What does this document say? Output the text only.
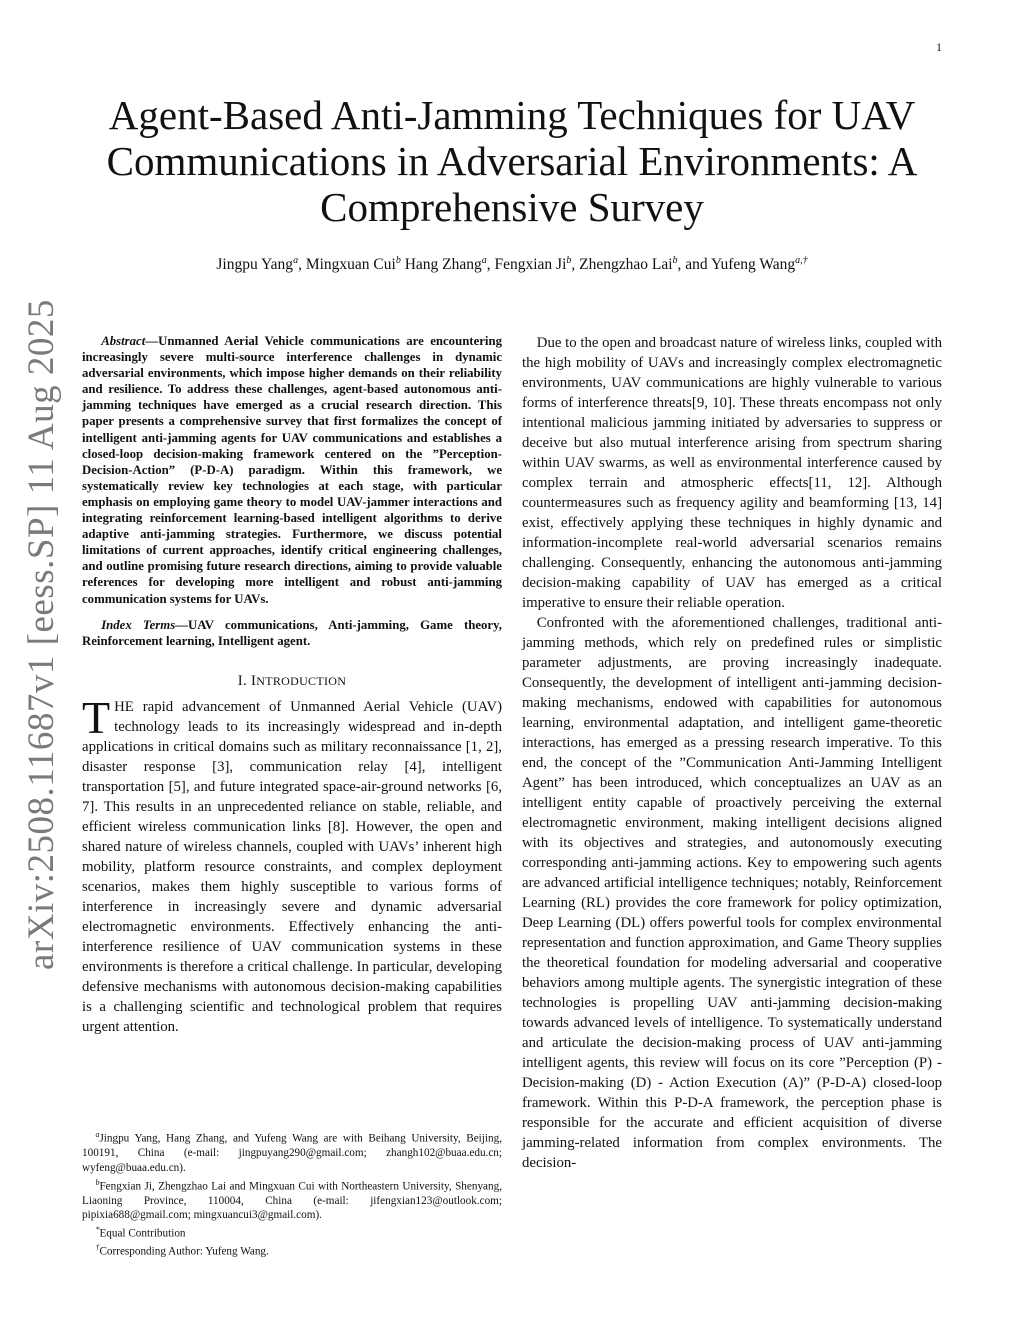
1
arXiv:2508.11687v1 [eess.SP] 11 Aug 2025
Agent-Based Anti-Jamming Techniques for UAV Communications in Adversarial Environments: A Comprehensive Survey
Jingpu Yang$^a$, Mingxuan Cui$^b$ Hang Zhang$^a$, Fengxian Ji$^b$, Zhengzhao Lai$^b$, and Yufeng Wang$^{a,\dagger}$

Abstract—Unmanned Aerial Vehicle communications are encountering increasingly severe multi-source interference challenges in dynamic adversarial environments, which impose higher demands on their reliability and resilience. To address these challenges, agent-based autonomous anti-jamming techniques have emerged as a crucial research direction. This paper presents a comprehensive survey that first formalizes the concept of intelligent anti-jamming agents for UAV communications and establishes a closed-loop decision-making framework centered on the ”Perception-Decision-Action” (P-D-A) paradigm. Within this framework, we systematically review key technologies at each stage, with particular emphasis on employing game theory to model UAV-jammer interactions and integrating reinforcement learning-based intelligent algorithms to derive adaptive anti-jamming strategies. Furthermore, we discuss potential limitations of current approaches, identify critical engineering challenges, and outline promising future research directions, aiming to provide valuable references for developing more intelligent and robust anti-jamming communication systems for UAVs.

Index Terms—UAV communications, Anti-jamming, Game theory, Reinforcement learning, Intelligent agent.

I. INTRODUCTION

THE rapid advancement of Unmanned Aerial Vehicle (UAV) technology leads to its increasingly widespread and in-depth applications in critical domains such as military reconnaissance [1, 2], disaster response [3], communication relay [4], intelligent transportation [5], and future integrated space-air-ground networks [6, 7]. This results in an unprecedented reliance on stable, reliable, and efficient wireless communication links [8]. However, the open and shared nature of wireless channels, coupled with UAVs’ inherent high mobility, platform resource constraints, and complex deployment scenarios, makes them highly susceptible to various forms of interference in increasingly severe and dynamic adversarial electromagnetic environments. Effectively enhancing the anti-interference resilience of UAV communication systems in these environments is therefore a critical challenge. In particular, developing defensive mechanisms with autonomous decision-making capabilities is a challenging scientific and technological problem that requires urgent attention.

$^a$Jingpu Yang, Hang Zhang, and Yufeng Wang are with Beihang University, Beijing, 100191, China (e-mail: jingpuyang290@gmail.com; zhangh102@buaa.edu.cn; wyfeng@buaa.edu.cn).

$^b$Fengxian Ji, Zhengzhao Lai and Mingxuan Cui with Northeastern University, Shenyang, Liaoning Province, 110004, China (e-mail: jifengxian123@outlook.com; pipixia688@gmail.com; mingxuancui3@gmail.com).

*Equal Contribution

†Corresponding Author: Yufeng Wang.

Due to the open and broadcast nature of wireless links, coupled with the high mobility of UAVs and increasingly complex electromagnetic environments, UAV communications are highly vulnerable to various forms of interference threats[9, 10]. These threats encompass not only intentional malicious jamming initiated by adversaries to suppress or deceive but also mutual interference arising from spectrum sharing within UAV swarms, as well as environmental interference caused by complex terrain and atmospheric effects[11, 12]. Although countermeasures such as frequency agility and beamforming [13, 14] exist, effectively applying these techniques in highly dynamic and information-incomplete real-world adversarial scenarios remains challenging. Consequently, enhancing the autonomous anti-jamming decision-making capability of UAV has emerged as a critical imperative to ensure their reliable operation.

Confronted with the aforementioned challenges, traditional anti-jamming methods, which rely on predefined rules or simplistic parameter adjustments, are proving increasingly inadequate. Consequently, the development of intelligent anti-jamming decision-making mechanisms, endowed with capabilities for autonomous learning, environmental adaptation, and intelligent game-theoretic interactions, has emerged as a pressing research imperative. To this end, the concept of the ”Communication Anti-Jamming Intelligent Agent” has been introduced, which conceptualizes an UAV as an intelligent entity capable of proactively perceiving the external electromagnetic environment, making intelligent decisions aligned with its objectives and strategies, and autonomously executing corresponding anti-jamming actions. Key to empowering such agents are advanced artificial intelligence techniques; notably, Reinforcement Learning (RL) provides the core framework for policy optimization, Deep Learning (DL) offers powerful tools for complex environmental representation and function approximation, and Game Theory supplies the theoretical foundation for modeling adversarial and cooperative behaviors among multiple agents. The synergistic integration of these technologies is propelling UAV anti-jamming decision-making towards advanced levels of intelligence. To systematically understand and articulate the decision-making process of UAV anti-jamming intelligent agents, this review will focus on its core ”Perception (P) - Decision-making (D) - Action Execution (A)” (P-D-A) closed-loop framework. Within this P-D-A framework, the perception phase is responsible for the accurate and efficient acquisition of diverse jamming-related information from complex environments. The decision-
